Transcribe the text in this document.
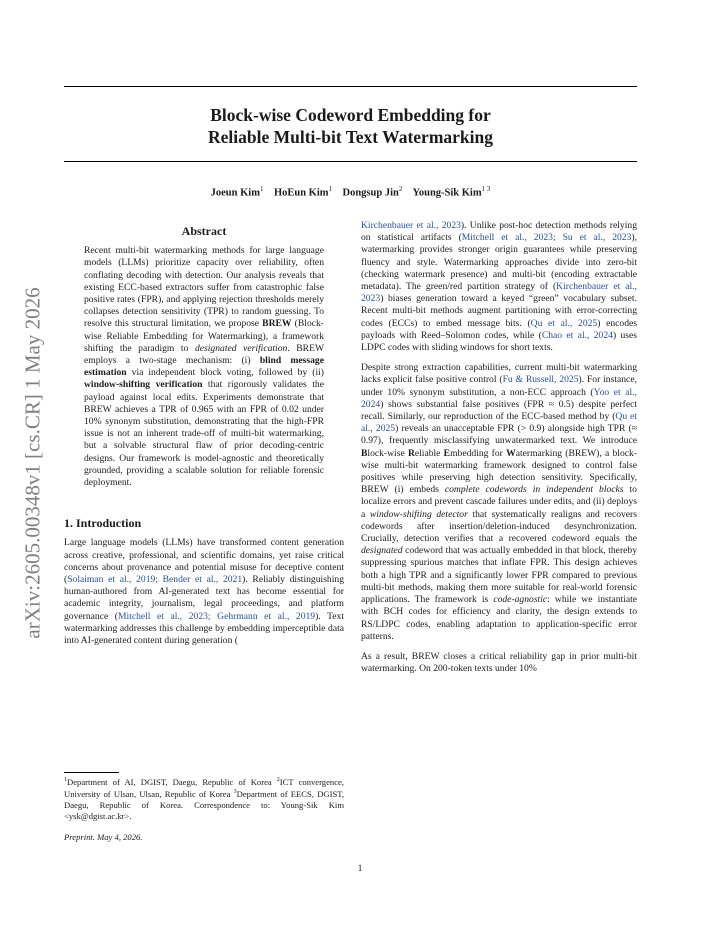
arXiv:2605.00348v1 [cs.CR] 1 May 2026
Block-wise Codeword Embedding for
Reliable Multi-bit Text Watermarking
Joeun Kim$^1$ HoEun Kim$^1$ Dongsup Jin$^2$ Young-Sik Kim$^{1 3}$
Abstract

Recent multi-bit watermarking methods for large language models (LLMs) prioritize capacity over reliability, often conflating decoding with detection. Our analysis reveals that existing ECC-based extractors suffer from catastrophic false positive rates (FPR), and applying rejection thresholds merely collapses detection sensitivity (TPR) to random guessing. To resolve this structural limitation, we propose BREW (Block-wise Reliable Embedding for Watermarking), a framework shifting the paradigm to designated verification. BREW employs a two-stage mechanism: (i) blind message estimation via independent block voting, followed by (ii) window-shifting verification that rigorously validates the payload against local edits. Experiments demonstrate that BREW achieves a TPR of 0.965 with an FPR of 0.02 under 10% synonym substitution, demonstrating that the high-FPR issue is not an inherent trade-off of multi-bit watermarking, but a solvable structural flaw of prior decoding-centric designs. Our framework is model-agnostic and theoretically grounded, providing a scalable solution for reliable forensic deployment.

1. Introduction

Large language models (LLMs) have transformed content generation across creative, professional, and scientific domains, yet raise critical concerns about provenance and potential misuse for deceptive content (Solaiman et al., 2019; Bender et al., 2021). Reliably distinguishing human-authored from AI-generated text has become essential for academic integrity, journalism, legal proceedings, and platform governance (Mitchell et al., 2023; Gehrmann et al., 2019). Text watermarking addresses this challenge by embedding imperceptible data into AI-generated content during generation (

Kirchenbauer et al., 2023). Unlike post-hoc detection methods relying on statistical artifacts (Mitchell et al., 2023; Su et al., 2023), watermarking provides stronger origin guarantees while preserving fluency and style. Watermarking approaches divide into zero-bit (checking watermark presence) and multi-bit (encoding extractable metadata). The green/red partition strategy of (Kirchenbauer et al., 2023) biases generation toward a keyed “green” vocabulary subset. Recent multi-bit methods augment partitioning with error-correcting codes (ECCs) to embed message bits. (Qu et al., 2025) encodes payloads with Reed–Solomon codes, while (Chao et al., 2024) uses LDPC codes with sliding windows for short texts.

Despite strong extraction capabilities, current multi-bit watermarking lacks explicit false positive control (Fu & Russell, 2025). For instance, under 10% synonym substitution, a non-ECC approach (Yoo et al., 2024) shows substantial false positives (FPR ≈ 0.5) despite perfect recall. Similarly, our reproduction of the ECC-based method by (Qu et al., 2025) reveals an unacceptable FPR (> 0.9) alongside high TPR (≈ 0.97), frequently misclassifying unwatermarked text. We introduce Block-wise Reliable Embedding for Watermarking (BREW), a block-wise multi-bit watermarking framework designed to control false positives while preserving high detection sensitivity. Specifically, BREW (i) embeds complete codewords in independent blocks to localize errors and prevent cascade failures under edits, and (ii) deploys a window-shifting detector that systematically realigns and recovers codewords after insertion/deletion-induced desynchronization. Crucially, detection verifies that a recovered codeword equals the designated codeword that was actually embedded in that block, thereby suppressing spurious matches that inflate FPR. This design achieves both a high TPR and a significantly lower FPR compared to previous multi-bit methods, making them more suitable for real-world forensic applications. The framework is code-agnostic: while we instantiate with BCH codes for efficiency and clarity, the design extends to RS/LDPC codes, enabling adaptation to application-specific error patterns.

As a result, BREW closes a critical reliability gap in prior multi-bit watermarking. On 200-token texts under 10%

$^1$Department of AI, DGIST, Daegu, Republic of Korea $^2$ICT convergence, University of Ulsan, Ulsan, Republic of Korea $^3$Department of EECS, DGIST, Daegu, Republic of Korea. Correspondence to: Young-Sik Kim <ysk@dgist.ac.kr>.
Preprint. May 4, 2026.
1
